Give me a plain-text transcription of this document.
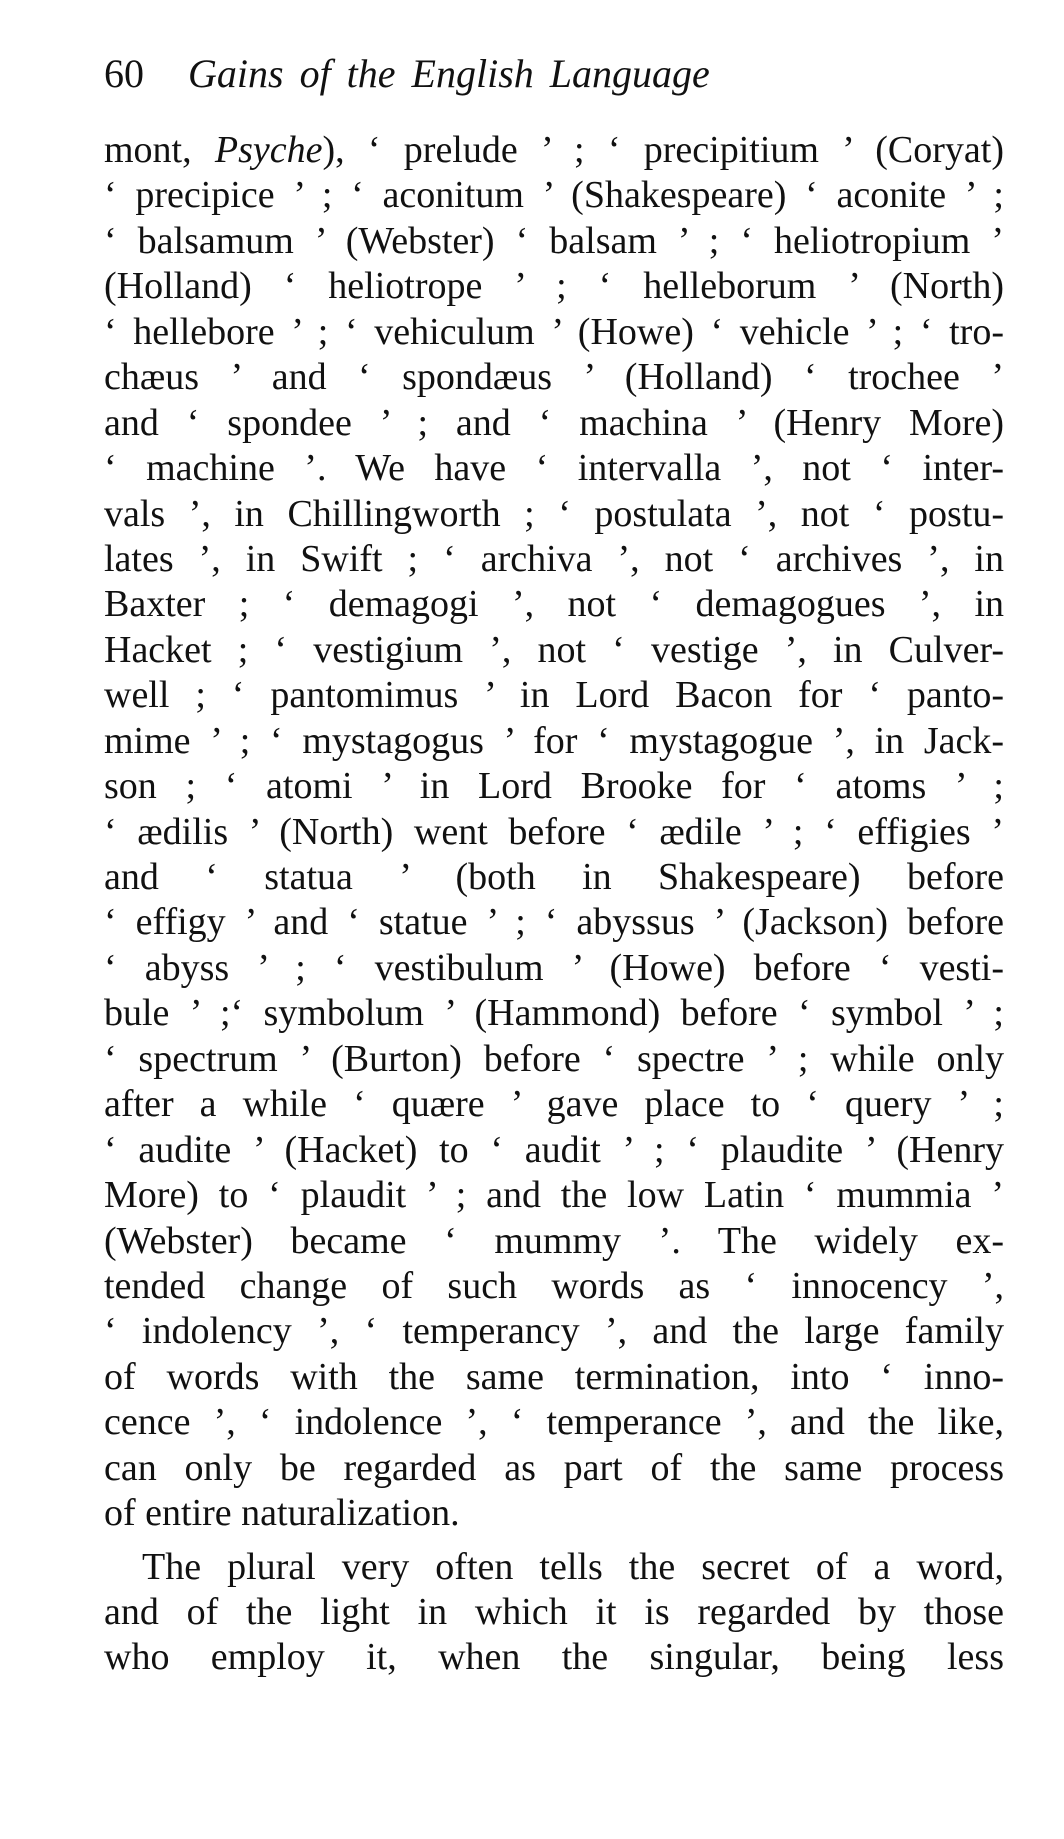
60 Gains of the English Language
mont, Psyche), ‘ prelude ’ ; ‘ precipitium ’ (Coryat)
‘ precipice ’ ; ‘ aconitum ’ (Shakespeare) ‘ aconite ’ ;
‘ balsamum ’ (Webster) ‘ balsam ’ ; ‘ heliotropium ’
(Holland) ‘ heliotrope ’ ; ‘ helleborum ’ (North)
‘ hellebore ’ ; ‘ vehiculum ’ (Howe) ‘ vehicle ’ ; ‘ tro-
chæus ’ and ‘ spondæus ’ (Holland) ‘ trochee ’
and ‘ spondee ’ ; and ‘ machina ’ (Henry More)
‘ machine ’. We have ‘ intervalla ’, not ‘ inter-
vals ’, in Chillingworth ; ‘ postulata ’, not ‘ postu-
lates ’, in Swift ; ‘ archiva ’, not ‘ archives ’, in
Baxter ; ‘ demagogi ’, not ‘ demagogues ’, in
Hacket ; ‘ vestigium ’, not ‘ vestige ’, in Culver-
well ; ‘ pantomimus ’ in Lord Bacon for ‘ panto-
mime ’ ; ‘ mystagogus ’ for ‘ mystagogue ’, in Jack-
son ; ‘ atomi ’ in Lord Brooke for ‘ atoms ’ ;
‘ ædilis ’ (North) went before ‘ ædile ’ ; ‘ effigies ’
and ‘ statua ’ (both in Shakespeare) before
‘ effigy ’ and ‘ statue ’ ; ‘ abyssus ’ (Jackson) before
‘ abyss ’ ; ‘ vestibulum ’ (Howe) before ‘ vesti-
bule ’ ;‘ symbolum ’ (Hammond) before ‘ symbol ’ ;
‘ spectrum ’ (Burton) before ‘ spectre ’ ; while only
after a while ‘ quære ’ gave place to ‘ query ’ ;
‘ audite ’ (Hacket) to ‘ audit ’ ; ‘ plaudite ’ (Henry
More) to ‘ plaudit ’ ; and the low Latin ‘ mummia ’
(Webster) became ‘ mummy ’. The widely ex-
tended change of such words as ‘ innocency ’,
‘ indolency ’, ‘ temperancy ’, and the large family
of words with the same termination, into ‘ inno-
cence ’, ‘ indolence ’, ‘ temperance ’, and the like,
can only be regarded as part of the same process
of entire naturalization.
The plural very often tells the secret of a word,
and of the light in which it is regarded by those
who employ it, when the singular, being less
